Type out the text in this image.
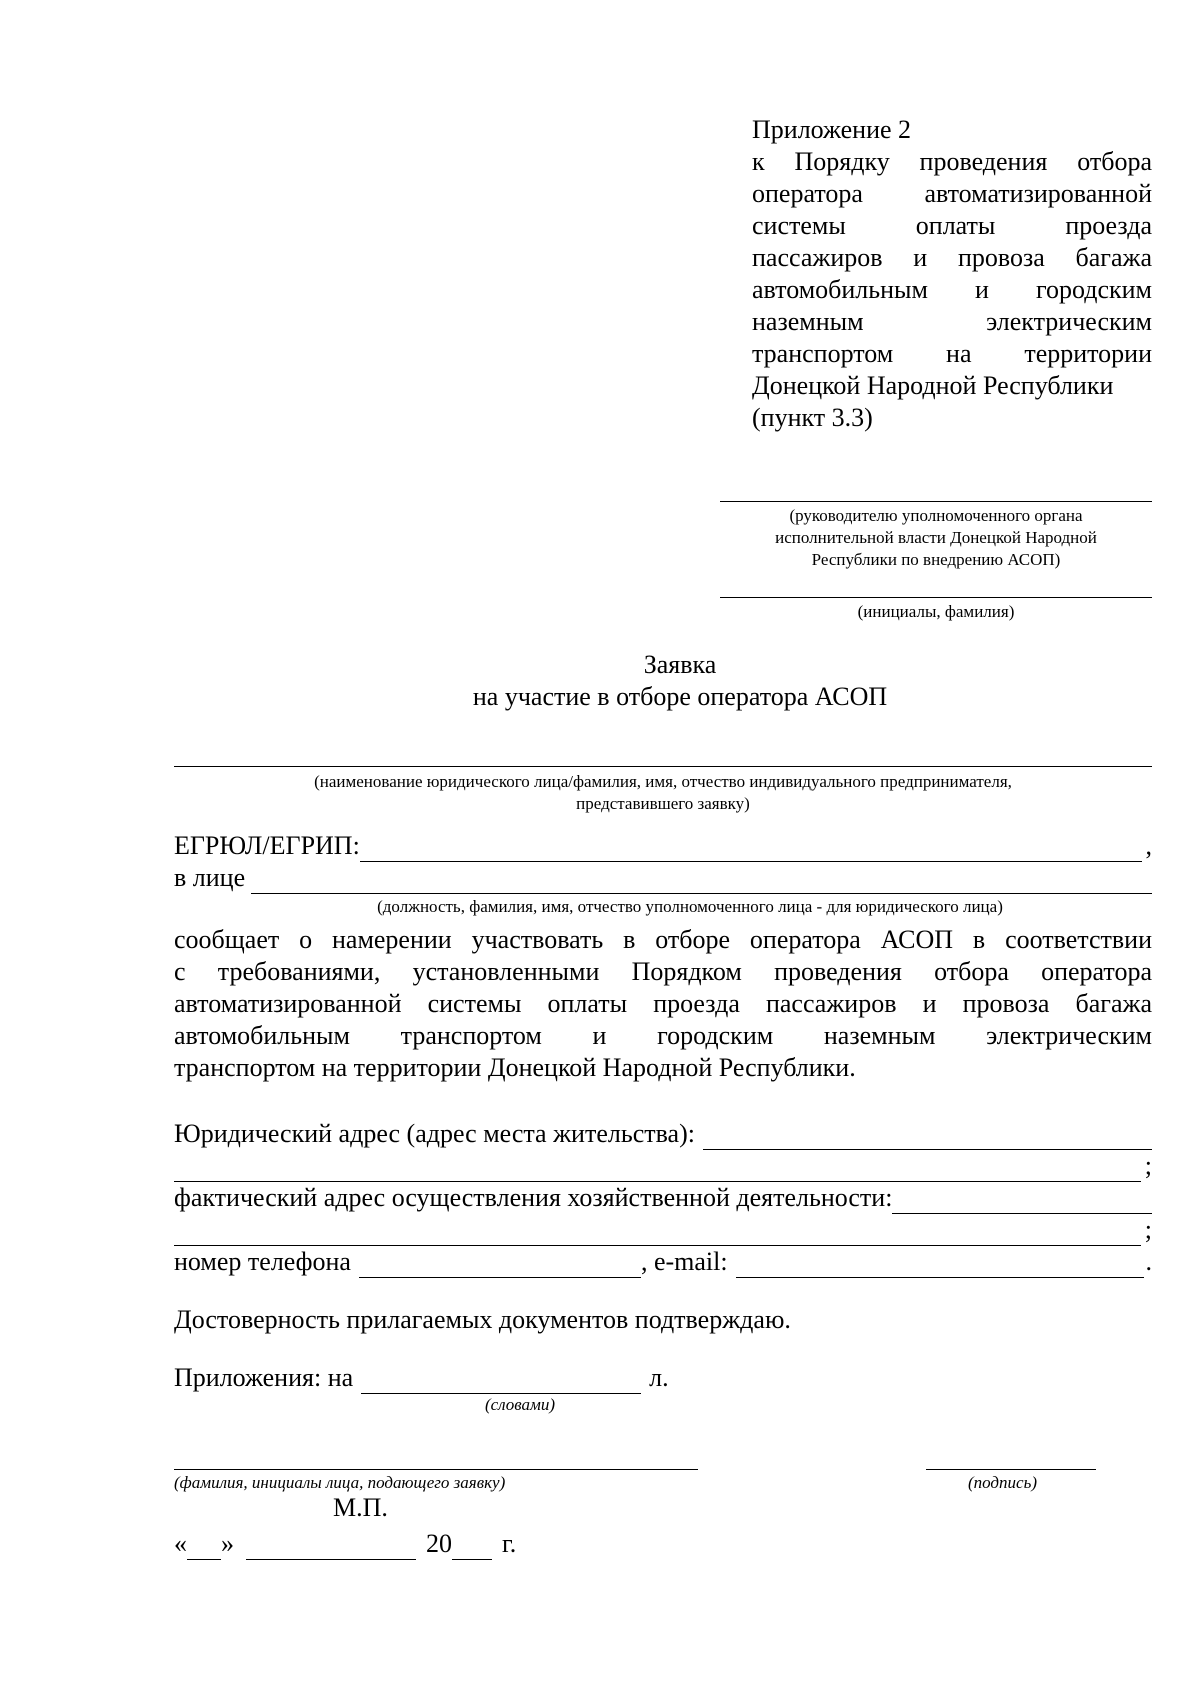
Приложение 2
к Порядку проведения отбора
оператора автоматизированной
системы оплаты проезда
пассажиров и провоза багажа
автомобильным и городским
наземным электрическим
транспортом на территории
Донецкой Народной Республики
(пункт 3.3)
(руководителю уполномоченного органа
исполнительной власти Донецкой Народной
Республики по внедрению АСОП)
(инициалы, фамилия)
Заявка
на участие в отборе оператора АСОП
(наименование юридического лица/фамилия, имя, отчество индивидуального предпринимателя,
представившего заявку)
ЕГРЮЛ/ЕГРИП:	,
в лице
(должность, фамилия, имя, отчество уполномоченного лица - для юридического лица)
сообщает о намерении участвовать в отборе оператора АСОП в соответствии
с требованиями, установленными Порядком проведения отбора оператора
автоматизированной системы оплаты проезда пассажиров и провоза багажа
автомобильным транспортом и городским наземным электрическим
транспортом на территории Донецкой Народной Республики.
Юридический адрес (адрес места жительства):
;
фактический адрес осуществления хозяйственной деятельности:
;
номер телефона	, e-mail:	.
Достоверность прилагаемых документов подтверждаю.
Приложения: на	л.
(словами)
(фамилия, инициалы лица, подающего заявку)	(подпись)
М.П.
« »	20 г.
